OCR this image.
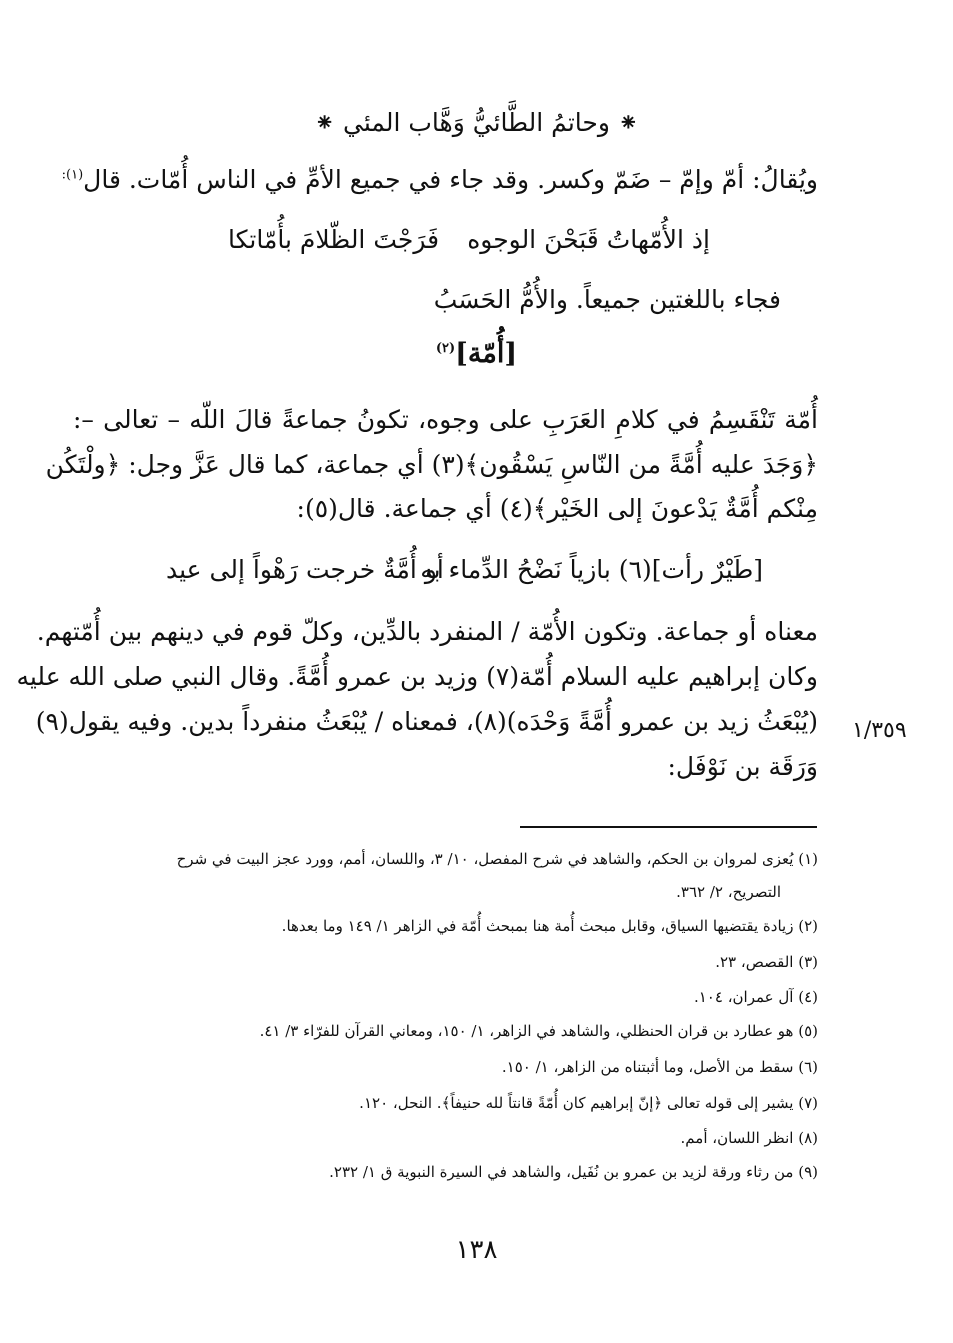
⁕ وحاتمُ الطَّائيُّ وَهَّاب المئي ⁕
ويُقالُ: أمّ وإمّ – ضَمّ وكسر. وقد جاء في جميع الأمِّ في الناس أُمّات. قال$^{(١):}$
إذ الأُمّهاتُ قَبَحْنَ الوجوه
فَرَجْتَ الظّلامَ بأُمّاتكا
فجاء باللغتين جميعاً. والأُمُّ الحَسَبُ
[أُمّة]$^{(٢)}$
أُمّة تَنْقَسِمُ في كلامِ العَرَبِ على وجوه، تكونُ جماعةً قالَ اللّه – تعالى –:
﴿وَجَدَ عليه أُمَّةً من النّاسِ يَسْقُون﴾(٣) أي جماعة، كما قال عَزَّ وجل: ﴿ولْتَكُن
مِنْكم أُمَّةٌ يَدْعونَ إلى الخَيْر﴾(٤) أي جماعة. قال(٥):
[طَيْرٌ رأت](٦) بازياً نَضْحُ الدِّماء به
أو أُمَّةٌ خرجت رَهْواً إلى عيد
معناه أو جماعة. وتكون الأُمّة / المنفرد بالدِّين، وكلّ قوم في دينهم بين أُمّتهم.
وكان إبراهيم عليه السلام أُمّة(٧) وزيد بن عمرو أُمَّةً. وقال النبي صلى الله عليه
(يُبْعَثُ زيد بن عمرو أُمَّةً وَحْدَه)(٨)، فمعناه / يُبْعَثُ منفرداً بدين. وفيه يقول(٩)
وَرَقَة بن نَوْفَل:
١/٣٥٩
(١) يُعزى لمروان بن الحكم، والشاهد في شرح المفصل، ١٠/ ٣، واللسان، أمم، وورد عجز البيت في شرح
التصريح، ٢/ ٣٦٢.
(٢) زيادة يقتضيها السياق، وقابل مبحث أُمة هنا بمبحث أُمّة في الزاهر ١/ ١٤٩ وما بعدها.
(٣) القصص، ٢٣.
(٤) آل عمران، ١٠٤.
(٥) هو عطارد بن قران الحنظلي، والشاهد في الزاهر، ١/ ١٥٠، ومعاني القرآن للفرّاء ٣/ ٤١.
(٦) سقط من الأصل، وما أثبتناه من الزاهر، ١/ ١٥٠.
(٧) يشير إلى قوله تعالى ﴿إنّ إبراهيم كان أُمّةً قانتاً لله حنيفاً﴾. النحل، ١٢٠.
(٨) انظر اللسان، أمم.
(٩) من رثاء ورقة لزيد بن عمرو بن نُفَيل، والشاهد في السيرة النبوية ق ١/ ٢٣٢.
١٣٨
